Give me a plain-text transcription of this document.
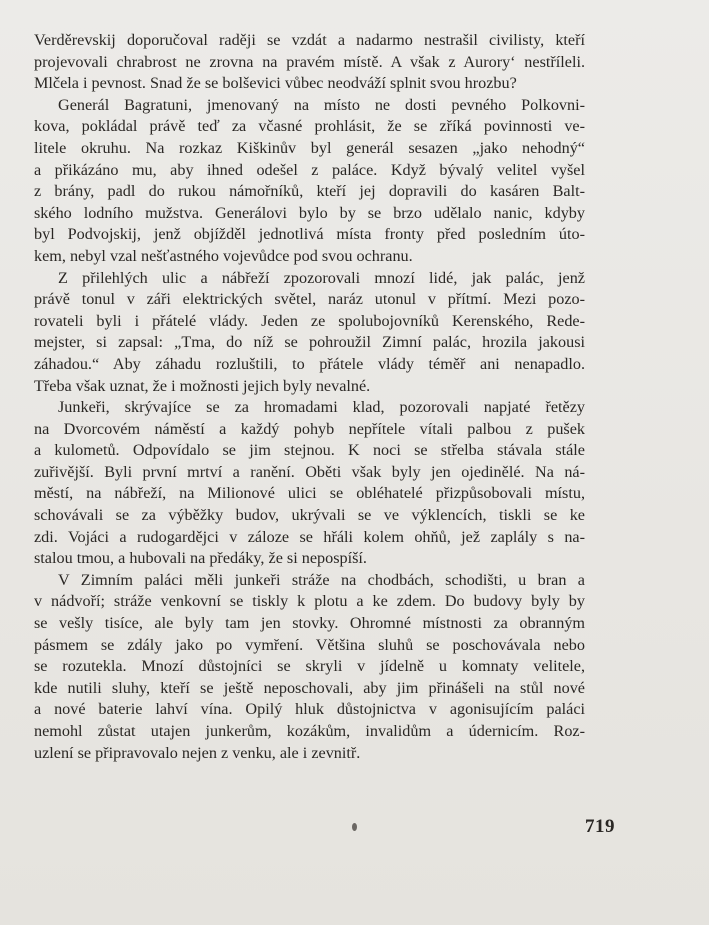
Verděrevskij doporučoval raději se vzdát a nadarmo nestrašil civilisty, kteří
projevovali chrabrost ne zrovna na pravém místě. A však z Aurory‘ nestříleli.
Mlčela i pevnost. Snad že se bolševici vůbec neodváží splnit svou hrozbu?
Generál Bagratuni, jmenovaný na místo ne dosti pevného Polkovni-
kova, pokládal právě teď za včasné prohlásit, že se zříká povinnosti ve-
litele okruhu. Na rozkaz Kiškinův byl generál sesazen „jako nehodný“
a přikázáno mu, aby ihned odešel z paláce. Když bývalý velitel vyšel
z brány, padl do rukou námořníků, kteří jej dopravili do kasáren Balt-
ského lodního mužstva. Generálovi bylo by se brzo udělalo nanic, kdyby
byl Podvojskij, jenž objížděl jednotlivá místa fronty před posledním úto-
kem, nebyl vzal nešťastného vojevůdce pod svou ochranu.
Z přilehlých ulic a nábřeží zpozorovali mnozí lidé, jak palác, jenž
právě tonul v záři elektrických světel, naráz utonul v přítmí. Mezi pozo-
rovateli byli i přátelé vlády. Jeden ze spolubojovníků Kerenského, Rede-
mejster, si zapsal: „Tma, do níž se pohroužil Zimní palác, hrozila jakousi
záhadou.“ Aby záhadu rozluštili, to přátele vlády téměř ani nenapadlo.
Třeba však uznat, že i možnosti jejich byly nevalné.
Junkeři, skrývajíce se za hromadami klad, pozorovali napjaté řetězy
na Dvorcovém náměstí a každý pohyb nepřítele vítali palbou z pušek
a kulometů. Odpovídalo se jim stejnou. K noci se střelba stávala stále
zuřivější. Byli první mrtví a ranění. Oběti však byly jen ojedinělé. Na ná-
městí, na nábřeží, na Milionové ulici se obléhatelé přizpůsobovali místu,
schovávali se za výběžky budov, ukrývali se ve výklencích, tiskli se ke
zdi. Vojáci a rudogardějci v záloze se hřáli kolem ohňů, jež zaplály s na-
stalou tmou, a hubovali na předáky, že si nepospíší.
V Zimním paláci měli junkeři stráže na chodbách, schodišti, u bran a
v nádvoří; stráže venkovní se tiskly k plotu a ke zdem. Do budovy byly by
se vešly tisíce, ale byly tam jen stovky. Ohromné místnosti za obranným
pásmem se zdály jako po vymření. Většina sluhů se poschovávala nebo
se rozutekla. Mnozí důstojníci se skryli v jídelně u komnaty velitele,
kde nutili sluhy, kteří se ještě neposchovali, aby jim přinášeli na stůl nové
a nové baterie lahví vína. Opilý hluk důstojnictva v agonisujícím paláci
nemohl zůstat utajen junkerům, kozákům, invalidům a údernicím. Roz-
uzlení se připravovalo nejen z venku, ale i zevnitř.
719
